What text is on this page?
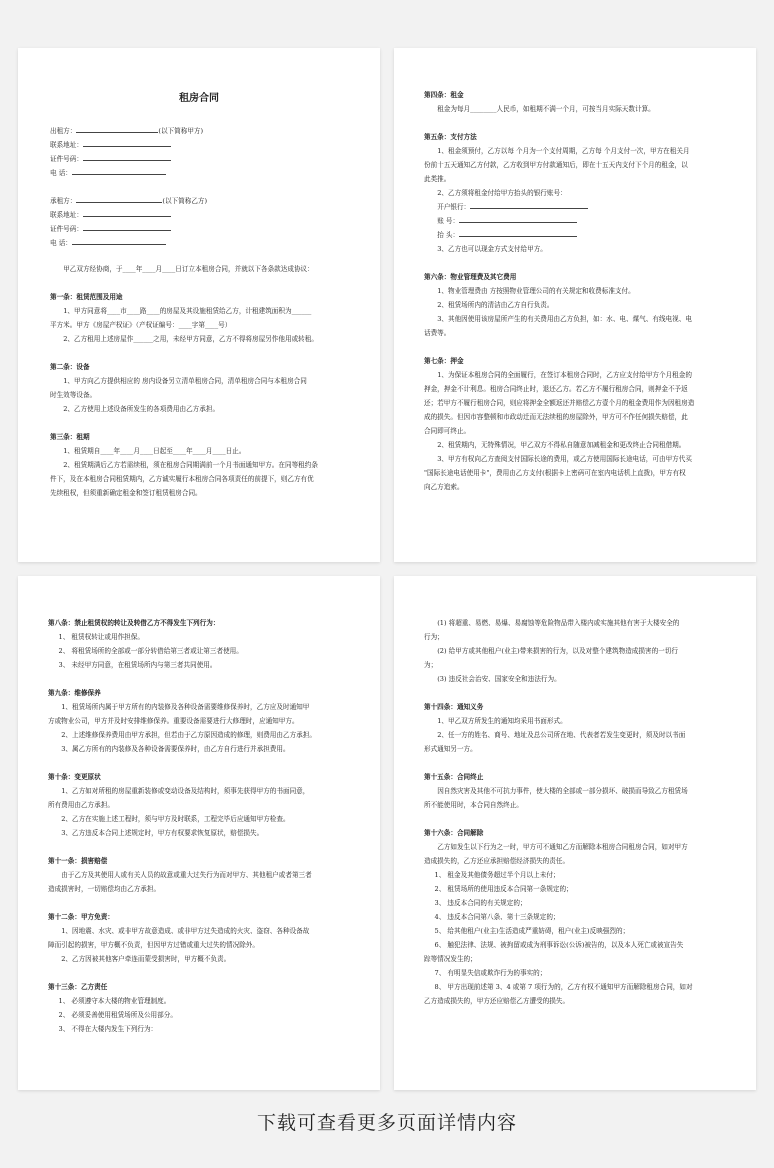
租房合同
出租方：	(以下简称甲方)
联系地址：
证件号码：
电 话：
承租方：	(以下简称乙方)
联系地址：
证件号码：
电 话：
甲乙双方经协商，于____年____月____日订立本租房合同，并就以下各条款达成协议：
第一条：租赁范围及用途
1、甲方同意将____市____路____的房屋及其设施租赁给乙方，计租建筑面积为______
平方米。甲方《房屋产权证》（产权证编号：____字第____号）
2、乙方租用上述房屋作______之用，未经甲方同意，乙方不得将房屋另作他用或转租。
第二条：设备
1、甲方向乙方提供相应的 房内设备另立清单租房合同，清单租房合同与本租房合同
时生效等设备。
2、乙方使用上述设备所发生的各项费用由乙方承担。
第三条：租期
1、租赁期自____年____月____日起至____年____月____日止。
2、租赁期满后乙方若需续租，须在租房合同期满前一个月书面通知甲方。在同等租约条
件下，及在本租房合同租赁期内，乙方诚实履行本租房合同各项责任的前提下，则乙方有优
先续租权，但须重新确定租金和签订租赁租房合同。
第四条：租金
租金为每月________人民币，如租期不满一个月，可按当月实际天数计算。
第五条：支付方法
1、租金须预付，乙方以每 个月为一个支付周期，乙方每 个月支付一次，甲方在租关月
份前十五天通知乙方付款，乙方收到甲方付款通知后，即在十五天内支付下个月的租金，以
此类推。
2、乙方须将租金付给甲方抬头的银行账号：
开户银行：
账 号：
抬 头：
3、乙方也可以现金方式支付给甲方。
第六条：物业管理费及其它费用
1、物业管理费由 方按照物业管理公司的有关规定和收费标准支付。
2、租赁场所内的清洁由乙方自行负责。
3、其他因使用该房屋所产生的有关费用由乙方负担，如：水、电、煤气、有线电视、电
话费等。
第七条：押金
1、为保证本租房合同的全面履行，在签订本租房合同时，乙方应支付给甲方个月租金的
押金，押金不计利息。租房合同终止时，退还乙方。若乙方不履行租房合同，则押金不予返
还；若甲方不履行租房合同，则应将押金全额返还并赔偿乙方壹个月的租金费用作为因租房造
成的损失。但因市容整顿和市政动迁而无法续租的房屋除外，甲方可不作任何损失赔偿，此
合同即可终止。
2、租赁期内，无特殊情况，甲乙双方不得私自随意加减租金和更改终止合同租借期。
3、甲方有权向乙方查阅支付国际长途的费用，或乙方使用国际长途电话，可由甲方代买
"国际长途电话使用卡"，费用由乙方支付(根据卡上密码可在室内电话机上直拨)，甲方有权
向乙方追索。
第八条：禁止租赁权的转让及转借乙方不得发生下列行为：
1、 租赁权转让或用作担保。
2、 将租赁场所的全部或一部分转借给第三者或让第三者使用。
3、 未经甲方同意，在租赁场所内与第三者共同使用。
第九条：维修保养
1、租赁场所内属于甲方所有的内装修及各种设备需要维修保养时，乙方应及时通知甲
方或物业公司，甲方并及时安排维修保养。重要设备需要进行大修理时，应通知甲方。
2、上述维修保养费用由甲方承担，但若由于乙方原因造成的修理，则费用由乙方承担。
3、属乙方所有的内装修及各种设备需要保养时，由乙方自行进行并承担费用。
第十条：变更原状
1、乙方如对所租的房屋重新装修或变动设备及结构时，须事先获得甲方的书面同意，
所有费用由乙方承担。
2、乙方在实施上述工程时，须与甲方及时联系，工程完毕后应通知甲方检查。
3、乙方违反本合同上述规定时，甲方有权要求恢复原状，赔偿损失。
第十一条：损害赔偿
由于乙方及其使用人或有关人员的故意或重大过失行为而对甲方、其他租户或者第三者
造成损害时，一切赔偿均由乙方承担。
第十二条：甲方免责：
1、因地震、水灾、或非甲方故意造成、或非甲方过失造成的火灾、盗窃、各种设备故
障而引起的损害，甲方概不负责，但因甲方过错或重大过失的情况除外。
2、乙方因被其他客户牵连而蒙受损害时，甲方概不负责。
第十三条：乙方责任
1、 必须遵守本大楼的物业管理制度。
2、 必须妥善使用租赁场所及公用部分。
3、 不得在大楼内发生下列行为：
(1) 将超重、易燃、易爆、易腐蚀等危险物品带入楼内或实施其他有害于大楼安全的
行为；
(2) 给甲方或其他租户(业主)带来损害的行为，以及对整个建筑物造成损害的一切行
为；
(3) 违反社会治安、国家安全和违法行为。
第十四条：通知义务
1、甲乙双方所发生的通知均采用书面形式。
2、任一方的姓名、商号、地址及总公司所在地、代表者若发生变更时，须及时以书面
形式通知另一方。
第十五条：合同终止
因自然灾害及其他不可抗力事件，使大楼的全部或一部分损坏、破损而导致乙方租赁场
所不能使用时，本合同自然终止。
第十六条：合同解除
乙方如发生以下行为之一时，甲方可不通知乙方而解除本租房合同租房合同，如对甲方
造成损失的，乙方还应承担赔偿经济损失的责任。
1、 租金及其他债务超过半个月以上未付；
2、 租赁场所的使用违反本合同第一条规定的；
3、 违反本合同的有关规定的；
4、 违反本合同第八条、第十三条规定的；
5、 给其他租户(业主)生活造成严重妨碍，租户(业主)反映强烈的；
6、 触犯法律、法规、被拘留或成为刑事诉讼(公诉)被告的，以及本人死亡或被宣告失
踪等情况发生的；
7、 有明显失信或欺诈行为的事实的；
8、 甲方出现前述第 3、4 或第 7 项行为的，乙方有权不通知甲方而解除租房合同，如对
乙方造成损失的，甲方还应赔偿乙方遭受的损失。
下载可查看更多页面详情内容
